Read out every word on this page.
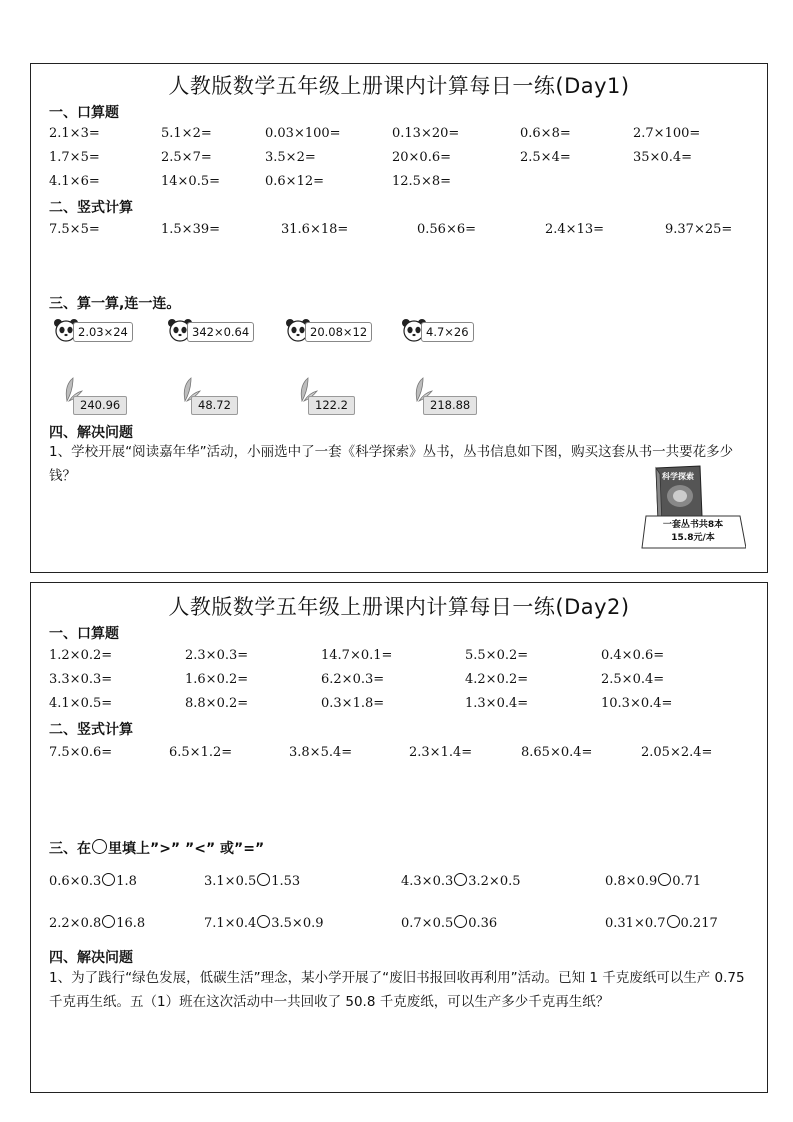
人教版数学五年级上册课内计算每日一练(Day1)
一、口算题
2.1×3=	5.1×2=	0.03×100=	0.13×20=	0.6×8=	2.7×100=
1.7×5=	2.5×7=	3.5×2=	20×0.6=	2.5×4=	35×0.4=
4.1×6=	14×0.5=	0.6×12=	12.5×8=
二、竖式计算
7.5×5=	1.5×39=	31.6×18=	0.56×6=	2.4×13=	9.37×25=
三、算一算,连一连。
2.03×24	342×0.64	20.08×12	4.7×26
240.96	48.72	122.2	218.88
四、解决问题
1、学校开展“阅读嘉年华”活动，小丽选中了一套《科学探索》丛书，丛书信息如下图，购买这套从书一共要花多少钱？	科学探索
一套丛书共8本
15.8元/本
人教版数学五年级上册课内计算每日一练(Day2)
一、口算题
1.2×0.2=	2.3×0.3=	14.7×0.1=	5.5×0.2=	0.4×0.6=
3.3×0.3=	1.6×0.2=	6.2×0.3=	4.2×0.2=	2.5×0.4=
4.1×0.5=	8.8×0.2=	0.3×1.8=	1.3×0.4=	10.3×0.4=
二、竖式计算
7.5×0.6=	6.5×1.2=	3.8×5.4=	2.3×1.4=	8.65×0.4=	2.05×2.4=
三、在 里填上”>” ”<” 或”=”
0.6×0.3 1.8	3.1×0.5 1.53	4.3×0.3 3.2×0.5	0.8×0.9 0.71
2.2×0.8 16.8	7.1×0.4 3.5×0.9	0.7×0.5 0.36	0.31×0.7 0.217
四、解决问题
1、为了践行“绿色发展，低碳生活”理念，某小学开展了“废旧书报回收再利用”活动。已知 1 千克废纸可以生产 0.75 千克再生纸。五（1）班在这次活动中一共回收了 50.8 千克废纸，可以生产多少千克再生纸？
